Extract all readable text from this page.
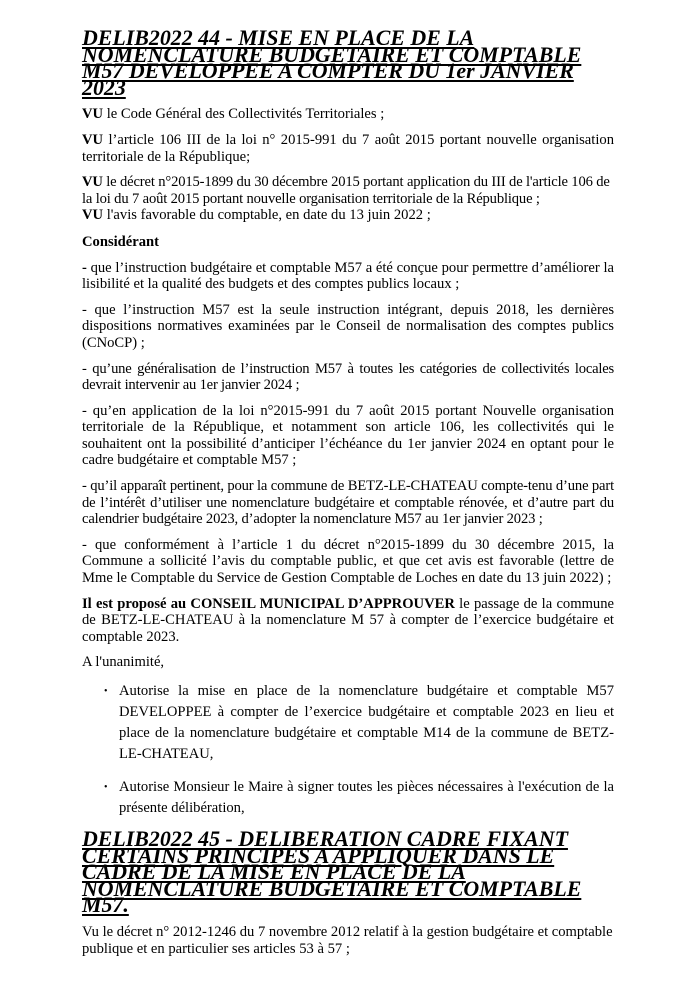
DELIB2022 44 - MISE EN PLACE DE LA NOMENCLATURE BUDGETAIRE ET COMPTABLE M57 DEVELOPPEE A COMPTER DU 1er JANVIER 2023

VU le Code Général des Collectivités Territoriales ;

VU l’article 106 III de la loi n° 2015-991 du 7 août 2015 portant nouvelle organisation territoriale de la République;

VU le décret n°2015-1899 du 30 décembre 2015 portant application du III de l'article 106 de la loi du 7 août 2015 portant nouvelle organisation territoriale de la République ;

VU l'avis favorable du comptable, en date du 13 juin 2022 ;

Considérant

- que l’instruction budgétaire et comptable M57 a été conçue pour permettre d’améliorer la lisibilité et la qualité des budgets et des comptes publics locaux ;

- que l’instruction M57 est la seule instruction intégrant, depuis 2018, les dernières dispositions normatives examinées par le Conseil de normalisation des comptes publics (CNoCP) ;

- qu’une généralisation de l’instruction M57 à toutes les catégories de collectivités locales devrait intervenir au 1er janvier 2024 ;

- qu’en application de la loi n°2015-991 du 7 août 2015 portant Nouvelle organisation territoriale de la République, et notamment son article 106, les collectivités qui le souhaitent ont la possibilité d’anticiper l’échéance du 1er janvier 2024 en optant pour le cadre budgétaire et comptable M57 ;

- qu’il apparaît pertinent, pour la commune de BETZ-LE-CHATEAU compte-tenu d’une part de l’intérêt d’utiliser une nomenclature budgétaire et comptable rénovée, et d’autre part du calendrier budgétaire 2023, d’adopter la nomenclature M57 au 1er janvier 2023 ;

- que conformément à l’article 1 du décret n°2015-1899 du 30 décembre 2015, la Commune a sollicité l’avis du comptable public, et que cet avis est favorable (lettre de Mme le Comptable du Service de Gestion Comptable de Loches en date du 13 juin 2022) ;

Il est proposé au CONSEIL MUNICIPAL D’APPROUVER le passage de la commune de BETZ-LE-CHATEAU à la nomenclature M 57 à compter de l’exercice budgétaire et comptable 2023.

A l'unanimité,

• Autorise la mise en place de la nomenclature budgétaire et comptable M57 DEVELOPPEE à compter de l’exercice budgétaire et comptable 2023 en lieu et place de la nomenclature budgétaire et comptable M14 de la commune de BETZ-LE-CHATEAU,
• Autorise Monsieur le Maire à signer toutes les pièces nécessaires à l'exécution de la présente délibération,
DELIB2022 45 - DELIBERATION CADRE FIXANT CERTAINS PRINCIPES A APPLIQUER DANS LE CADRE DE LA MISE EN PLACE DE LA NOMENCLATURE BUDGETAIRE ET COMPTABLE M57.

Vu le décret n° 2012-1246 du 7 novembre 2012 relatif à la gestion budgétaire et comptable publique et en particulier ses articles 53 à 57 ;
